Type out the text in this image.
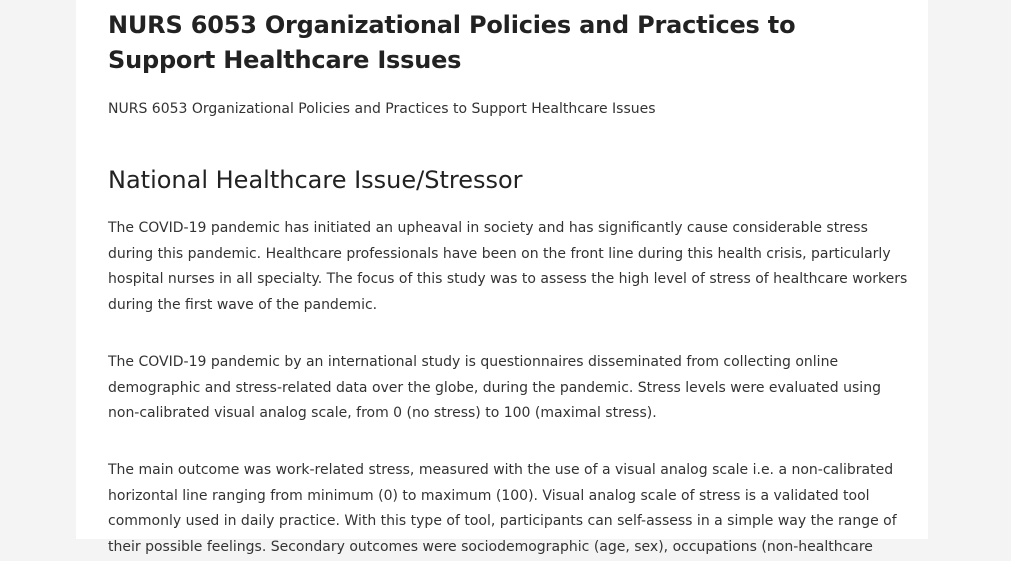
NURS 6053 Organizational Policies and Practices to Support Healthcare Issues

NURS 6053 Organizational Policies and Practices to Support Healthcare Issues

National Healthcare Issue/Stressor

The COVID-19 pandemic has initiated an upheaval in society and has significantly cause considerable stress during this pandemic. Healthcare professionals have been on the front line during this health crisis, particularly hospital nurses in all specialty. The focus of this study was to assess the high level of stress of healthcare workers during the first wave of the pandemic.

The COVID-19 pandemic by an international study is questionnaires disseminated from collecting online demographic and stress-related data over the globe, during the pandemic. Stress levels were evaluated using non-calibrated visual analog scale, from 0 (no stress) to 100 (maximal stress).

The main outcome was work-related stress, measured with the use of a visual analog scale i.e. a non-calibrated horizontal line ranging from minimum (0) to maximum (100). Visual analog scale of stress is a validated tool commonly used in daily practice. With this type of tool, participants can self-assess in a simple way the range of their possible feelings. Secondary outcomes were sociodemographic (age, sex), occupations (non-healthcare
